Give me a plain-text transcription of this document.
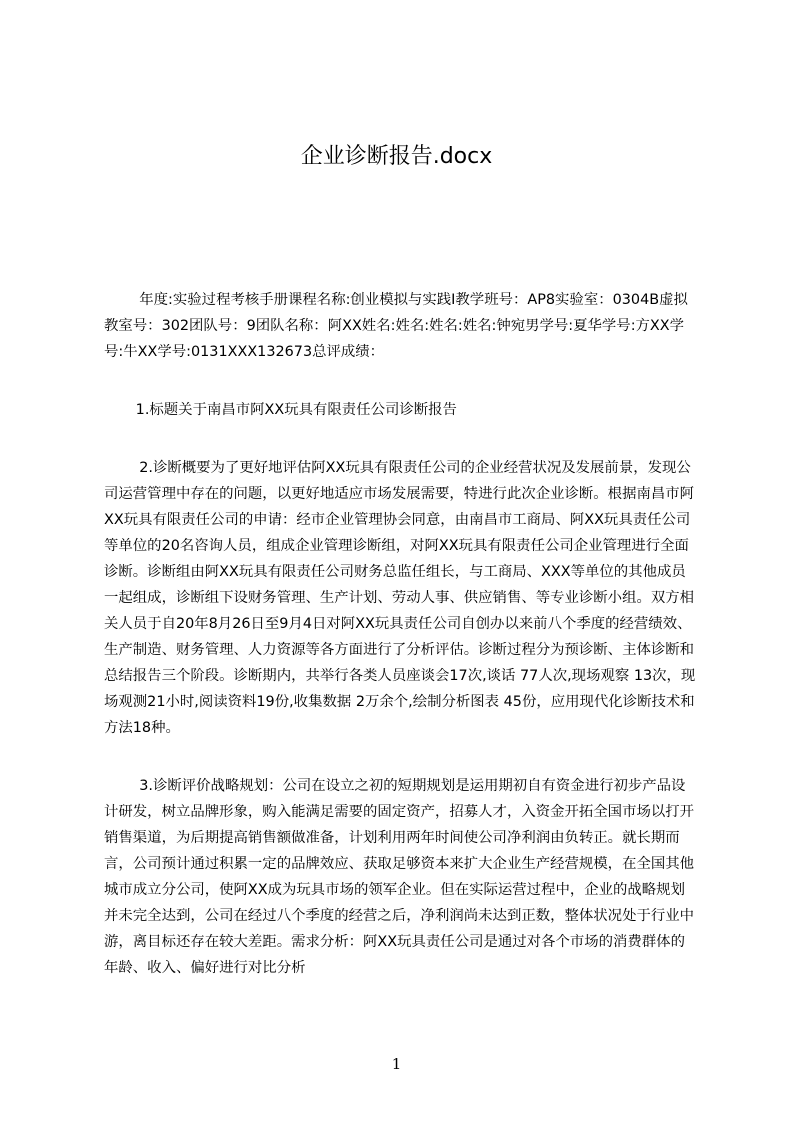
企业诊断报告.docx

年度:实验过程考核手册课程名称:创业模拟与实践Ⅰ教学班号：AP8实验室：0304B虚拟教室号：302团队号：9团队名称：阿XX姓名:姓名:姓名:姓名:钟宛男学号:夏华学号:方XX学号:牛XX学号:0131XXX132673总评成绩：

1.标题关于南昌市阿XX玩具有限责任公司诊断报告

2.诊断概要为了更好地评估阿XX玩具有限责任公司的企业经营状况及发展前景，发现公司运营管理中存在的问题，以更好地适应市场发展需要，特进行此次企业诊断。根据南昌市阿XX玩具有限责任公司的申请：经市企业管理协会同意，由南昌市工商局、阿XX玩具责任公司等单位的20名咨询人员，组成企业管理诊断组，对阿XX玩具有限责任公司企业管理进行全面诊断。诊断组由阿XX玩具有限责任公司财务总监任组长，与工商局、XXX等单位的其他成员一起组成，诊断组下设财务管理、生产计划、劳动人事、供应销售、等专业诊断小组。双方相关人员于自20年8月26日至9月4日对阿XX玩具责任公司自创办以来前八个季度的经营绩效、生产制造、财务管理、人力资源等各方面进行了分析评估。诊断过程分为预诊断、主体诊断和总结报告三个阶段。诊断期内，共举行各类人员座谈会17次,谈话 77人次,现场观察 13次，现场观测21小时,阅读资料19份,收集数据 2万余个,绘制分析图表 45份，应用现代化诊断技术和方法18种。

3.诊断评价战略规划：公司在设立之初的短期规划是运用期初自有资金进行初步产品设计研发，树立品牌形象，购入能满足需要的固定资产，招募人才，入资金开拓全国市场以打开销售渠道，为后期提高销售额做准备，计划利用两年时间使公司净利润由负转正。就长期而言，公司预计通过积累一定的品牌效应、获取足够资本来扩大企业生产经营规模，在全国其他城市成立分公司，使阿XX成为玩具市场的领军企业。但在实际运营过程中，企业的战略规划并未完全达到，公司在经过八个季度的经营之后，净利润尚未达到正数，整体状况处于行业中游，离目标还存在较大差距。需求分析：阿XX玩具责任公司是通过对各个市场的消费群体的年龄、收入、偏好进行对比分析

1
